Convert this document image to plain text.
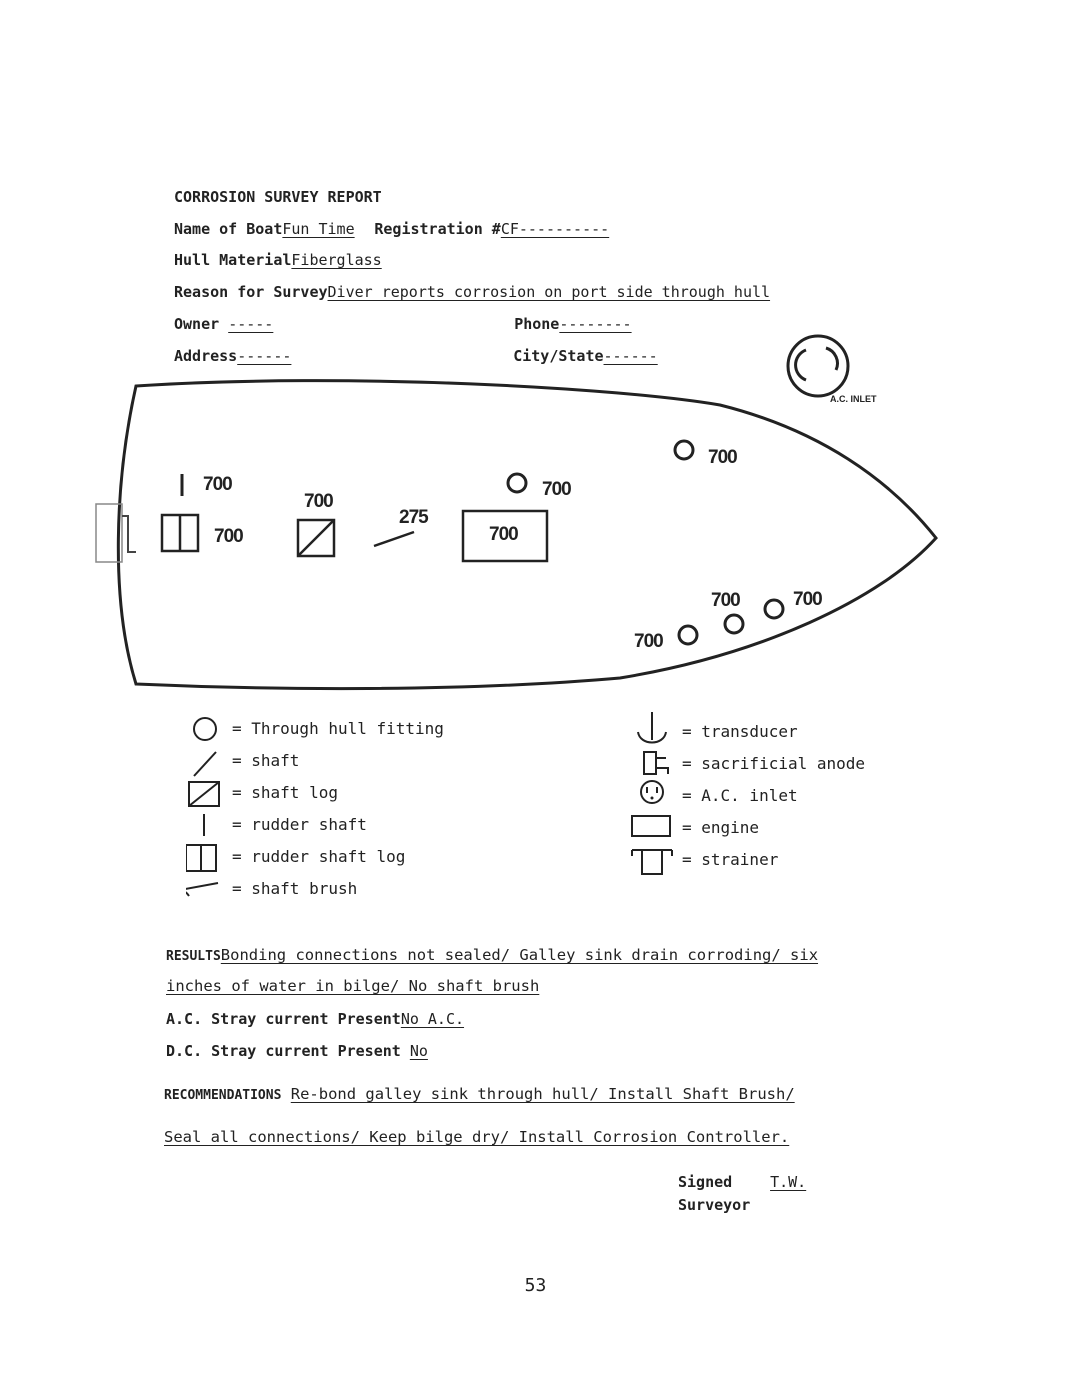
CORROSION SURVEY REPORT
Name of BoatFun Time Registration #CF----------
Hull MaterialFiberglass
Reason for SurveyDiver reports corrosion on port side through hull
Owner -----	Phone--------
Address------	City/State------
A.C. INLET
700
700
700
275
700
700
700
700
700	700
= Through hull fitting
= shaft
= shaft log
= rudder shaft
= rudder shaft log
= shaft brush
= transducer
= sacrificial anode
= A.C. inlet
= engine
= strainer
RESULTSBonding connections not sealed/ Galley sink drain corroding/ six
inches of water in bilge/ No shaft brush
A.C. Stray current PresentNo A.C.
D.C. Stray current Present No
RECOMMENDATIONS Re-bond galley sink through hull/ Install Shaft Brush/
Seal all connections/ Keep bilge dry/ Install Corrosion Controller.
Signed	T.W.
Surveyor
53
